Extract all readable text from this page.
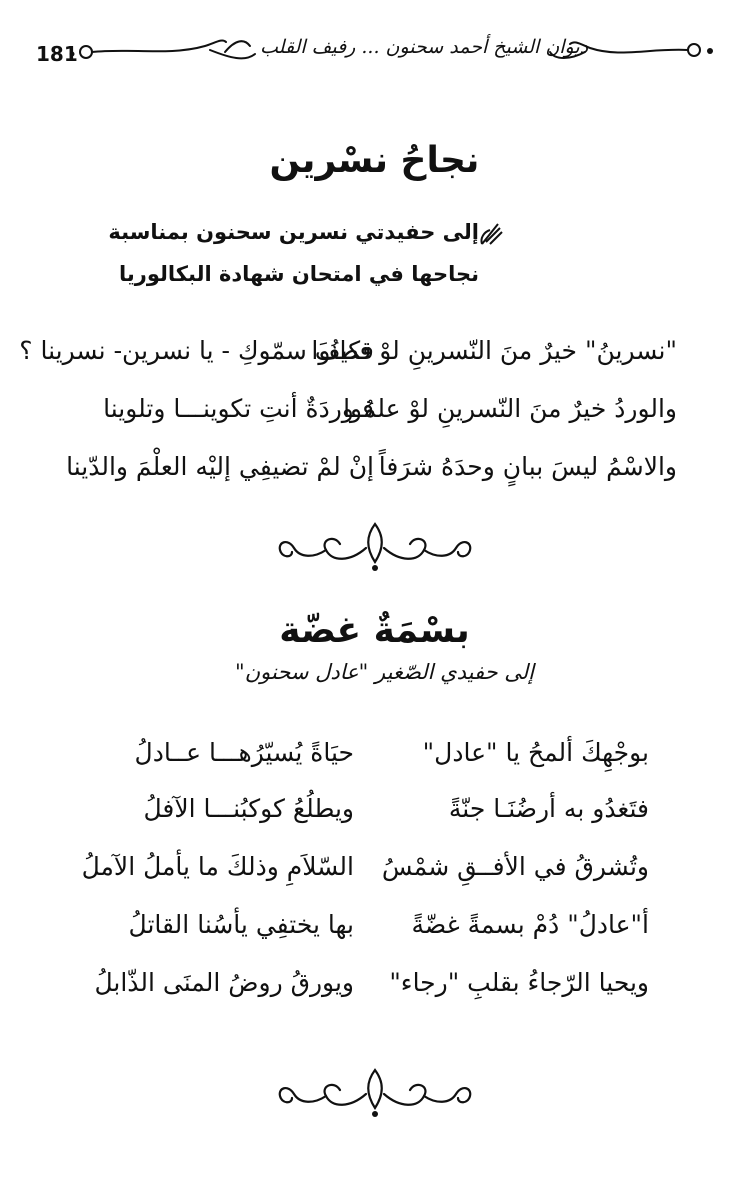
181	ديوان الشيخ أحمد سحنون ... رفيف القلب
نجاحُ نسْرين
إلى حفيدتي نسرين سحنون بمناسبة
نجاحها في امتحان شهادة البكالوريا
"نسرينُ" خيرٌ منَ النّسرينِ لوْ فطنُوا
فكيفَ سمّوكِ - يا نسرين- نسرينا ؟
والوردُ خيرٌ منَ النّسرينِ لوْ علمُوا
فـوردَةٌ أنتِ تكوينـــا وتلوينا
والاسْمُ ليسَ ببانٍ وحدَهُ شرَفاً
إنْ لمْ تضيفِي إليْه العلْمَ والدّينا
بسْمَةٌ غضّة
إلى حفيدي الصّغير "عادل سحنون"
بوجْهِكَ ألمحُ يا "عادل"
حيَاةً يُسيّرُهـــا عــادلُ
فتَغدُو به أرضُنَـا جنّةً
ويطلُعُ كوكبُنـــا الآفلُ
وتُشرقُ في الأفــقِ شمْسُ
السّلاَمِ وذلكَ ما يأملُ الآملُ
أ"عادلُ" دُمْ بسمةً غضّةً
بها يختفِي يأسُنا القاتلُ
ويحيا الرّجاءُ بقلبِ "رجاء"
ويورقُ روضُ المنَى الذّابلُ
